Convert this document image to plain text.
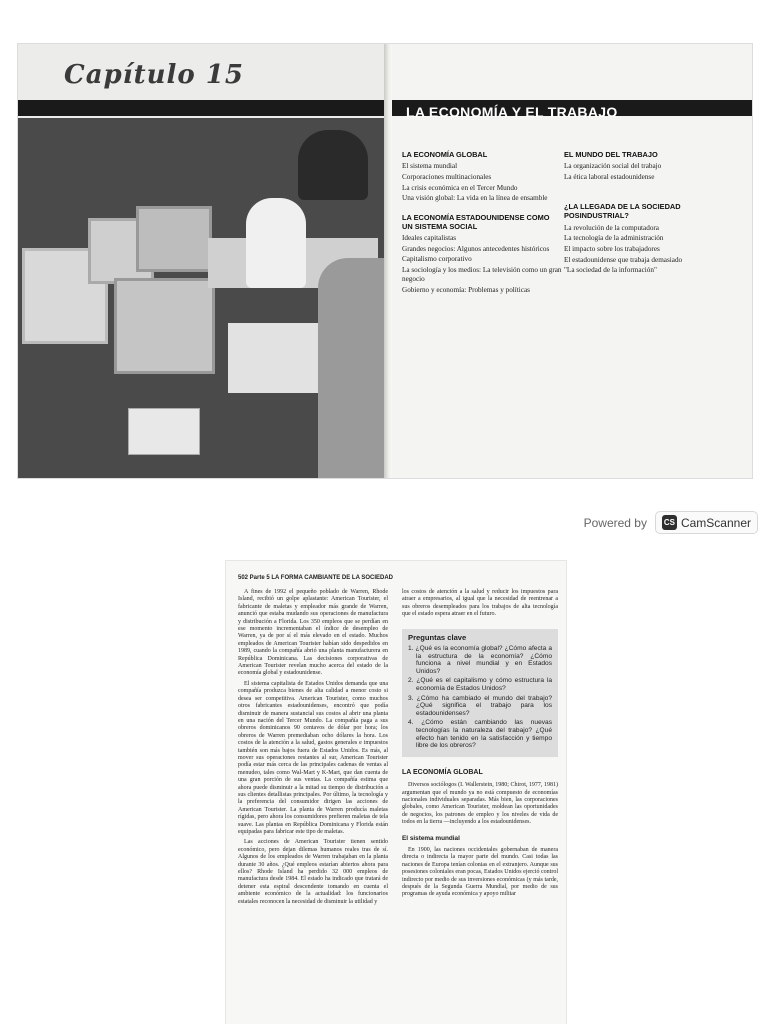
Capítulo 15
LA ECONOMÍA Y EL TRABAJO
LA ECONOMÍA GLOBAL
El sistema mundial
Corporaciones multinacionales
La crisis económica en el Tercer Mundo
Una visión global: La vida en la línea de ensamble
LA ECONOMÍA ESTADOUNIDENSE COMO UN SISTEMA SOCIAL
Ideales capitalistas
Grandes negocios: Algunos antecedentes históricos
Capitalismo corporativo
La sociología y los medios: La televisión como un gran negocio
Gobierno y economía: Problemas y políticas
EL MUNDO DEL TRABAJO
La organización social del trabajo
La ética laboral estadounidense
¿LA LLEGADA DE LA SOCIEDAD POSINDUSTRIAL?
La revolución de la computadora
La tecnología de la administración
El impacto sobre los trabajadores
El estadounidense que trabaja demasiado
"La sociedad de la información"
Powered by CS CamScanner
502 Parte 5 LA FORMA CAMBIANTE DE LA SOCIEDAD

A fines de 1992 el pequeño poblado de Warren, Rhode Island, recibió un golpe aplastante: American Tourister, el fabricante de maletas y empleador más grande de Warren, anunció que estaba mudando sus operaciones de manufactura y distribución a Florida. Los 350 empleos que se perdían en ese momento incrementaban el índice de desempleo de Warren, ya de por sí el más elevado en el estado. Muchos empleados de American Tourister habían sido despedidos en 1989, cuando la compañía abrió una planta manufacturera en República Dominicana. Las decisiones corporativas de American Tourister revelan mucho acerca del estado de la economía global y estadounidense.

El sistema capitalista de Estados Unidos demanda que una compañía produzca bienes de alta calidad a menor costo si desea ser competitiva. American Tourister, como muchos otros fabricantes estadounidenses, encontró que podía disminuir de manera sustancial sus costos al abrir una planta en una nación del Tercer Mundo. La compañía paga a sus obreros dominicanos 90 centavos de dólar por hora; los obreros de Warren premediaban ocho dólares la hora. Los costos de la atención a la salud, gastos generales e impuestos también son más bajos fuera de Estados Unidos. Es más, al mover sus operaciones restantes al sur, American Tourister podía estar más cerca de las principales cadenas de ventas al menudeo, tales como Wal-Mart y K-Mart, que dan cuenta de una gran porción de sus ventas. La compañía estima que ahora puede disminuir a la mitad su tiempo de distribución a sus clientes detallistas principales. Por último, la tecnología y la preferencia del consumidor dirigen las acciones de American Tourister. La planta de Warren producía maletas rígidas, pero ahora los consumidores prefieren maletas de tela suave. Las plantas en República Dominicana y Florida están equipadas para fabricar este tipo de maletas.

Las acciones de American Tourister tienen sentido económico, pero dejan dilemas humanos reales tras de sí. Algunos de los empleados de Warren trabajaban en la planta durante 30 años. ¿Qué empleos estarían abiertos ahora para ellos? Rhode Island ha perdido 32 000 empleos de manufactura desde 1984. El estado ha indicado que tratará de detener esta espiral descendente tomando en cuenta el ambiente económico de la actualidad: los funcionarios estatales reconocen la necesidad de disminuir la utilidad y

los costos de atención a la salud y reducir los impuestos para atraer a empresarios, al igual que la necesidad de reentrenar a sus obreros desempleados para los trabajos de alta tecnología que el estado espera atraer en el futuro.

Preguntas clave
1. ¿Qué es la economía global? ¿Cómo afecta a la estructura de la economía? ¿Cómo funciona a nivel mundial y en Estados Unidos?
2. ¿Qué es el capitalismo y cómo estructura la economía de Estados Unidos?
3. ¿Cómo ha cambiado el mundo del trabajo? ¿Qué significa el trabajo para los estadounidenses?
4. ¿Cómo están cambiando las nuevas tecnologías la naturaleza del trabajo? ¿Qué efecto han tenido en la satisfacción y tiempo libre de los obreros?
LA ECONOMÍA GLOBAL

Diversos sociólogos (I. Wallerstein, 1980; Chirot, 1977, 1981) argumentan que el mundo ya no está compuesto de economías nacionales individuales separadas. Más bien, las corporaciones globales, como American Tourister, moldean las oportunidades de negocios, los patrones de empleo y los niveles de vida de todos en la tierra —incluyendo a los estadounidenses.

El sistema mundial

En 1900, las naciones occidentales gobernaban de manera directa o indirecta la mayor parte del mundo. Casi todas las naciones de Europa tenían colonias en el extranjero. Aunque sus posesiones coloniales eran pocas, Estados Unidos ejerció control indirecto por medio de sus inversiones económicas (y más tarde, después de la Segunda Guerra Mundial, por medio de sus programas de ayuda económica y apoyo militar
